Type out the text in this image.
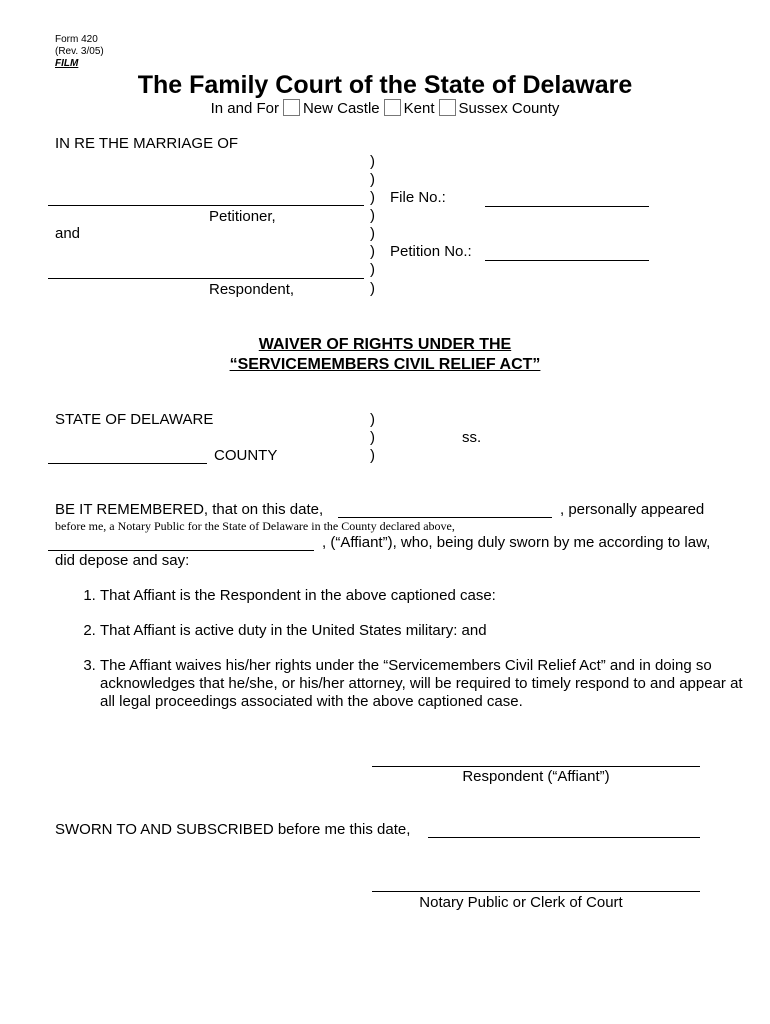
Form 420
(Rev. 3/05)
FILM
The Family Court of the State of Delaware
In and For New Castle Kent Sussex County
IN RE THE MARRIAGE OF
)
)
)
)
)
)
)
)
Petitioner,
and
Respondent,
File No.:
Petition No.:
WAIVER OF RIGHTS UNDER THE
“SERVICEMEMBERS CIVIL RELIEF ACT”
STATE OF DELAWARE	)
)
)
ss.
COUNTY
BE IT REMEMBERED, that on this date,	, personally appeared
before me, a Notary Public for the State of Delaware in the County declared above,
, (“Affiant”), who, being duly sworn by me according to law,
did depose and say:
1. That Affiant is the Respondent in the above captioned case:
2. That Affiant is active duty in the United States military: and
3. The Affiant waives his/her rights under the “Servicemembers Civil Relief Act” and in doing so acknowledges that he/she, or his/her attorney, will be required to timely respond to and appear at all legal proceedings associated with the above captioned case.
Respondent (“Affiant”)
SWORN TO AND SUBSCRIBED before me this date,
Notary Public or Clerk of Court
